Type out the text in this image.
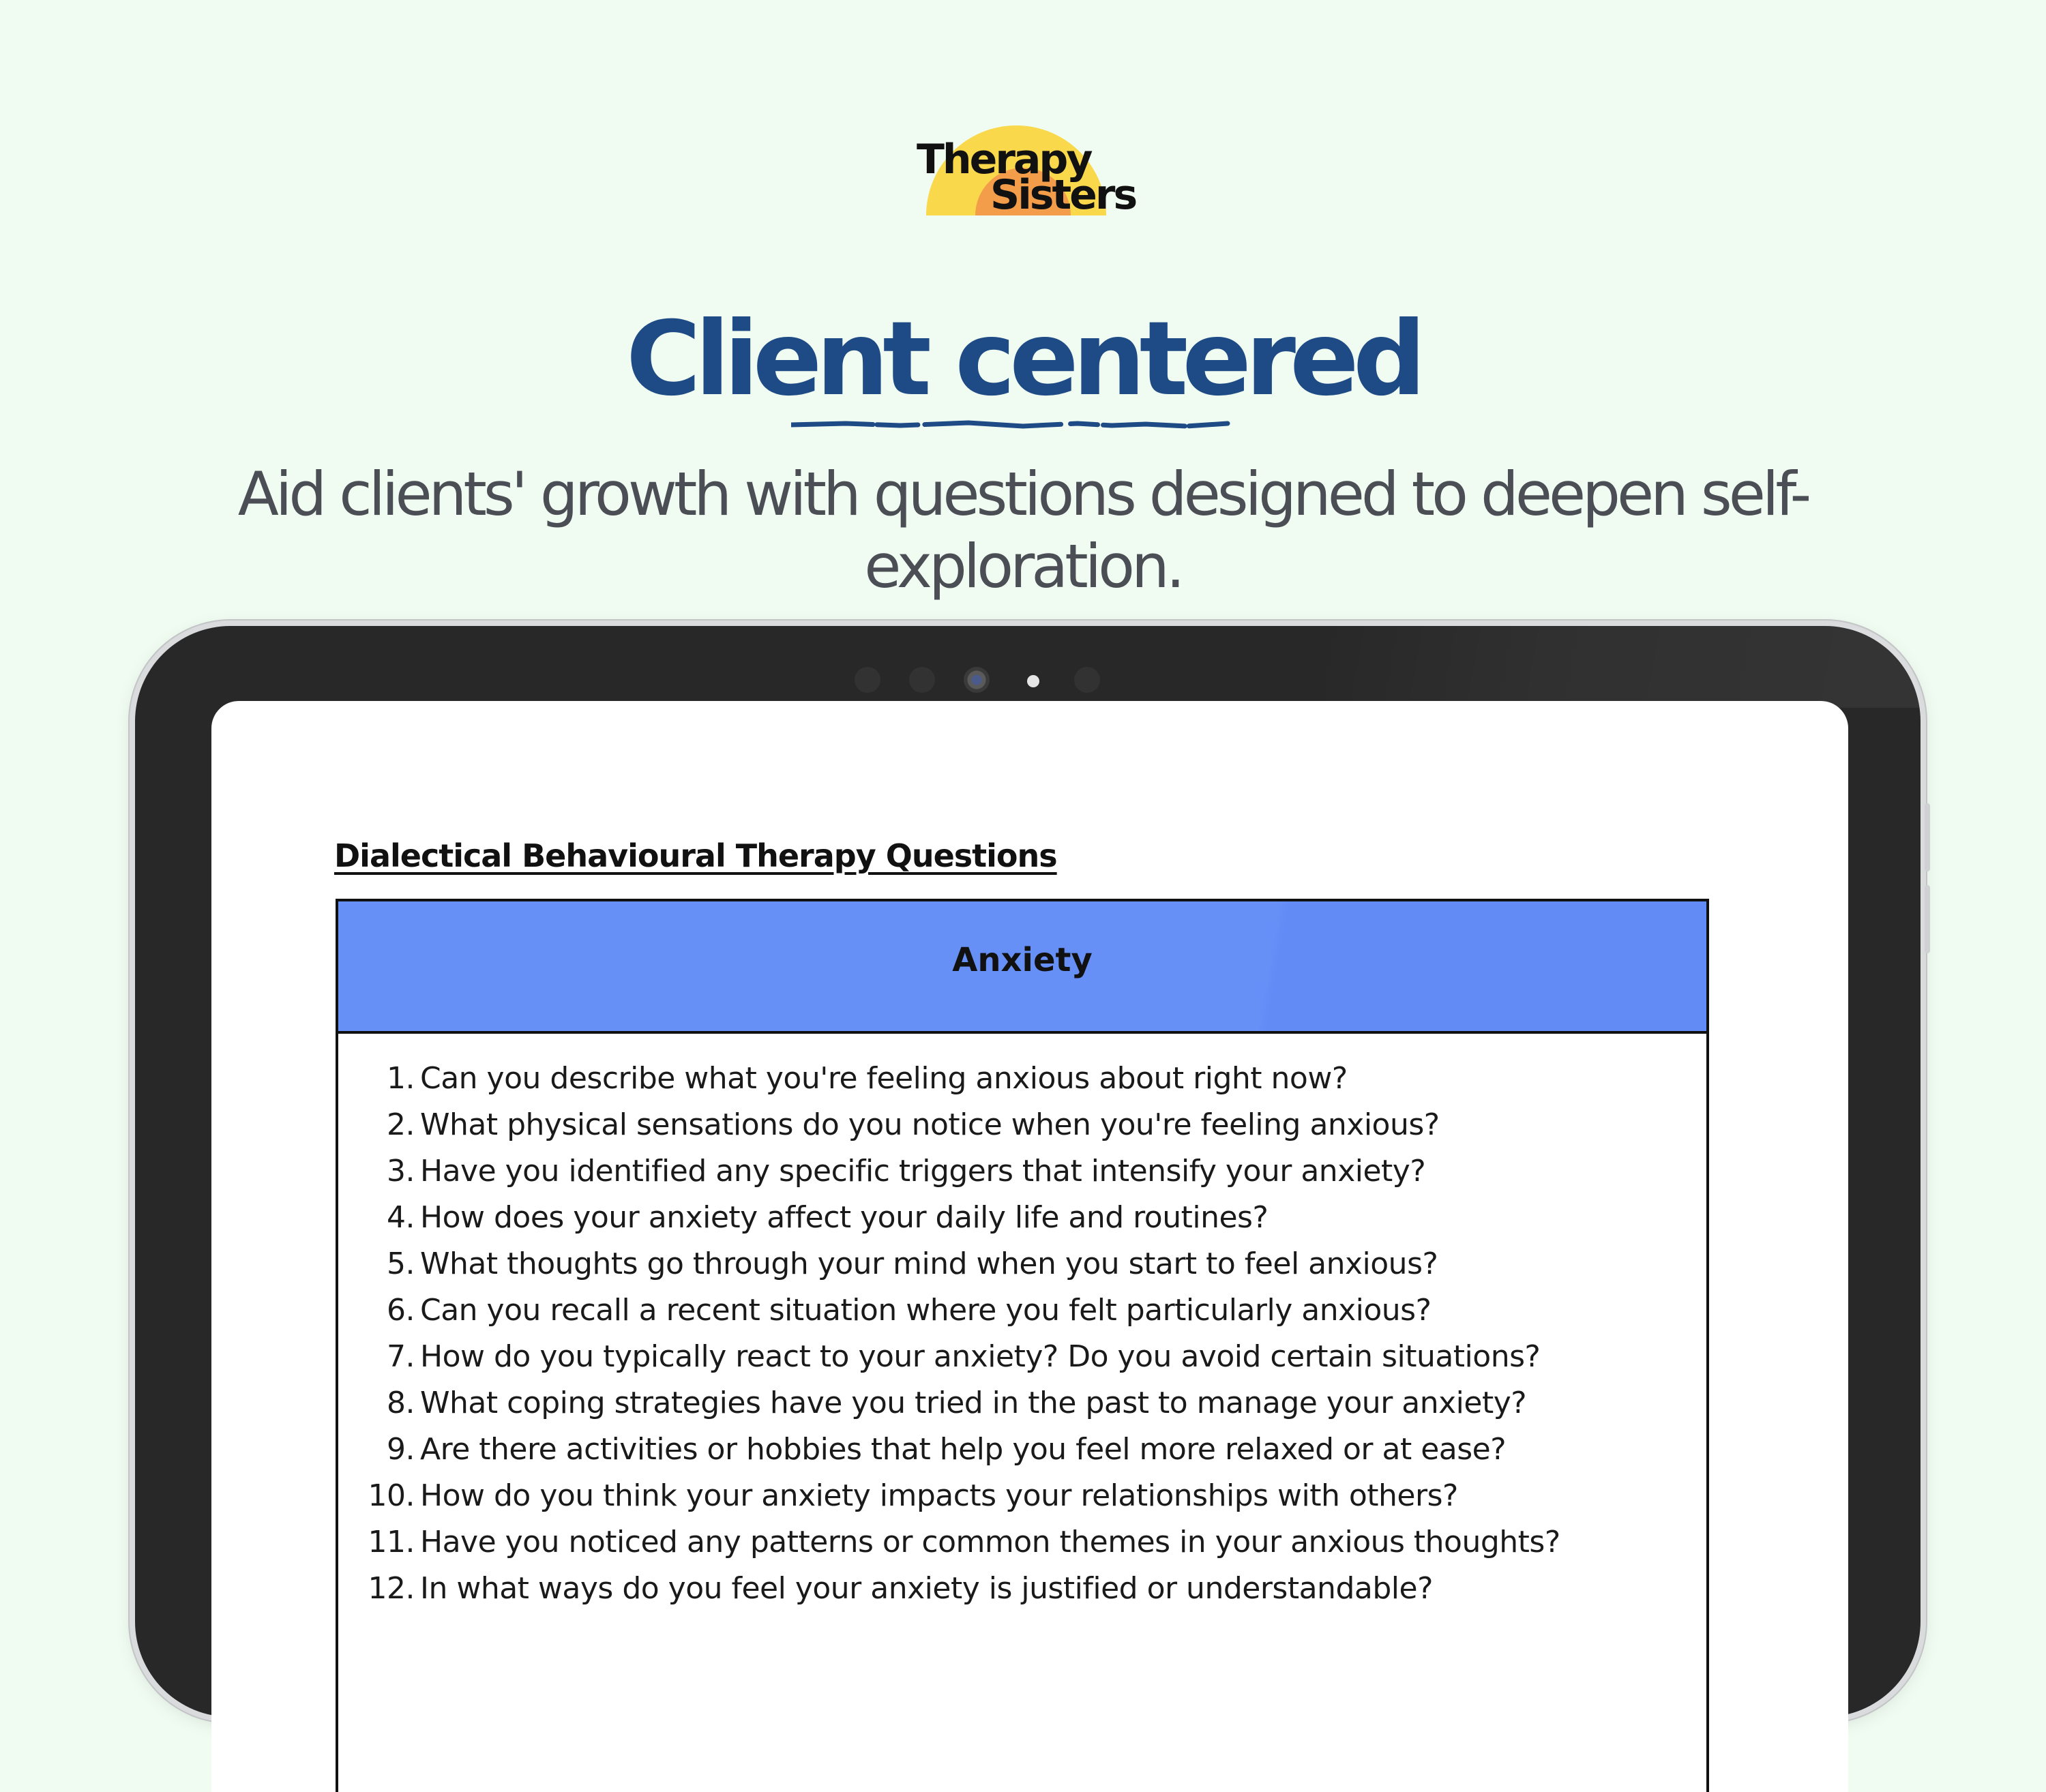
Therapy
Sisters
Client centered

Aid clients' growth with questions designed to deepen self-
exploration.

Dialectical Behavioural Therapy Questions
Anxiety
1. Can you describe what you're feeling anxious about right now?
2. What physical sensations do you notice when you're feeling anxious?
3. Have you identified any specific triggers that intensify your anxiety?
4. How does your anxiety affect your daily life and routines?
5. What thoughts go through your mind when you start to feel anxious?
6. Can you recall a recent situation where you felt particularly anxious?
7. How do you typically react to your anxiety? Do you avoid certain situations?
8. What coping strategies have you tried in the past to manage your anxiety?
9. Are there activities or hobbies that help you feel more relaxed or at ease?
10. How do you think your anxiety impacts your relationships with others?
11. Have you noticed any patterns or common themes in your anxious thoughts?
12. In what ways do you feel your anxiety is justified or understandable?
